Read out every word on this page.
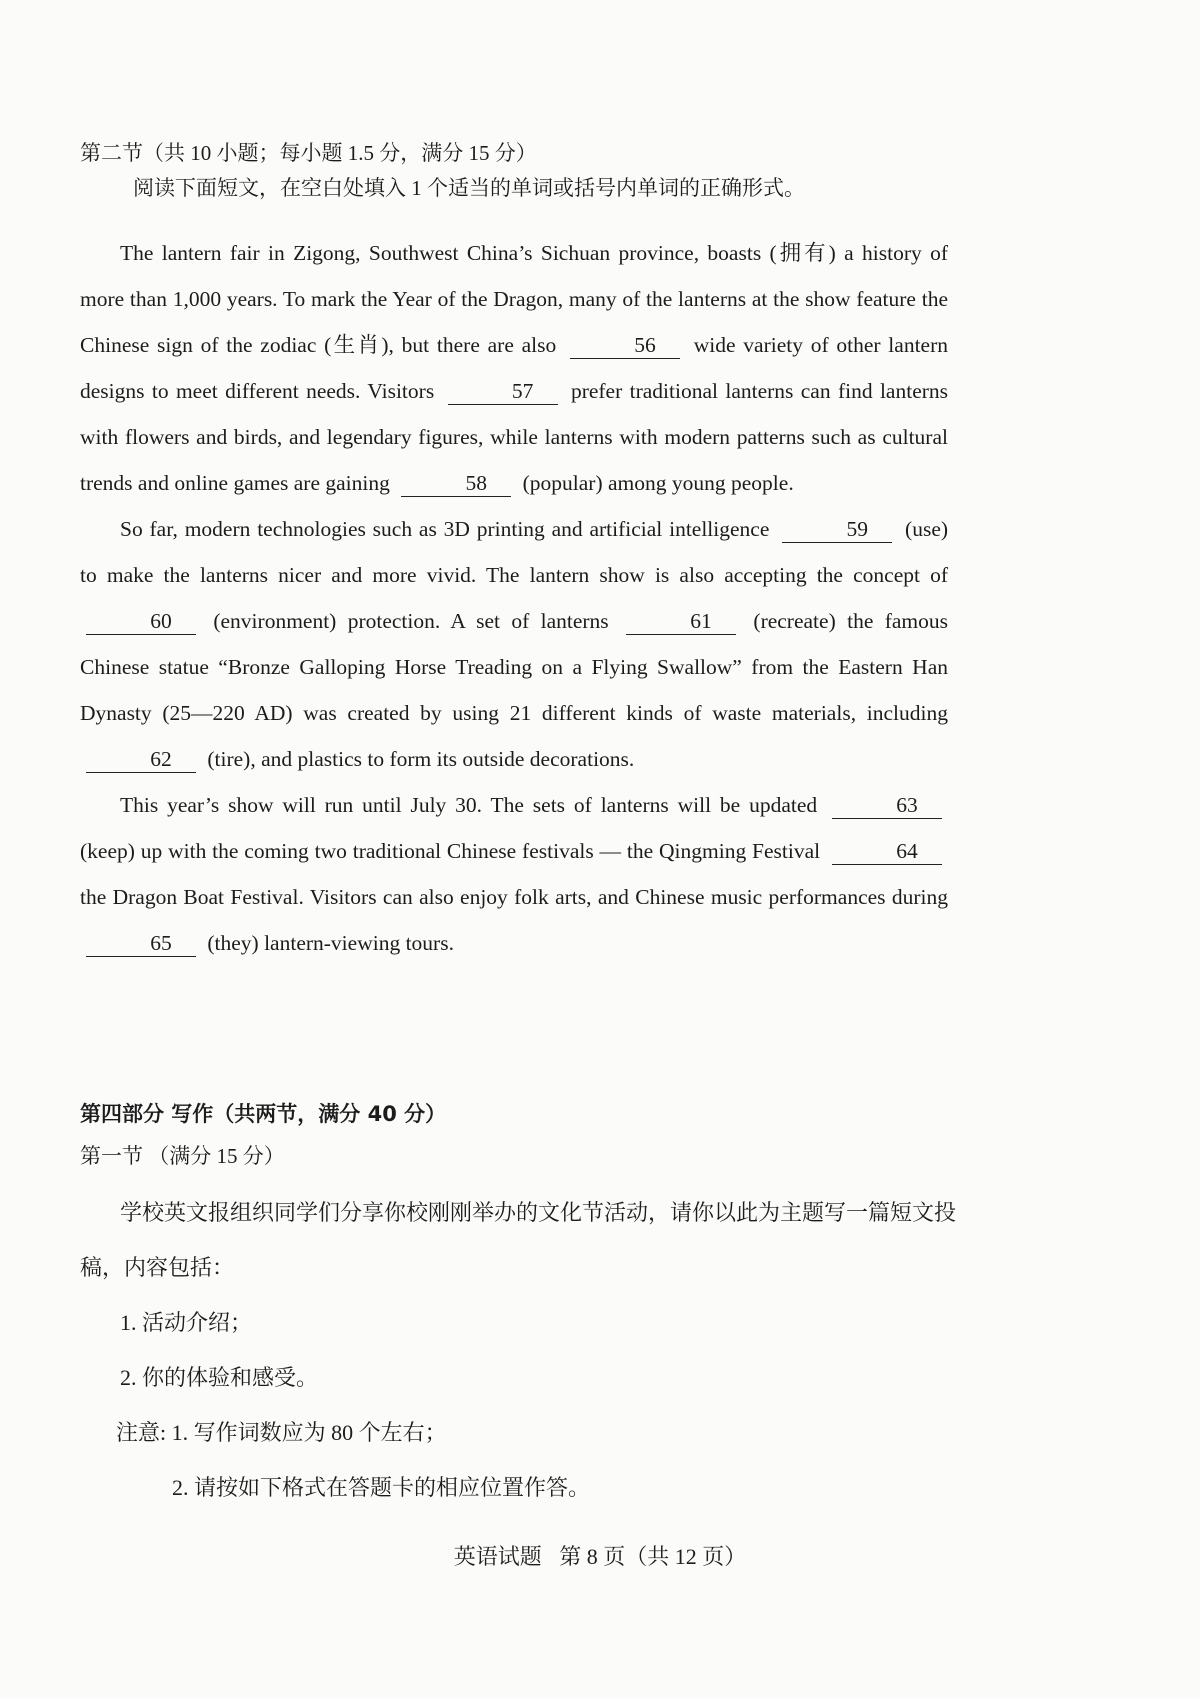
第二节（共 10 小题；每小题 1.5 分，满分 15 分）
阅读下面短文，在空白处填入 1 个适当的单词或括号内单词的正确形式。

The lantern fair in Zigong, Southwest China’s Sichuan province, boasts (拥有) a history of more than 1,000 years. To mark the Year of the Dragon, many of the lanterns at the show feature the Chinese sign of the zodiac (生肖), but there are also	56 wide variety of other lantern designs to meet different needs. Visitors	57 prefer traditional lanterns can find lanterns with flowers and birds, and legendary figures, while lanterns with modern patterns such as cultural trends and online games are gaining	58 (popular) among young people.

So far, modern technologies such as 3D printing and artificial intelligence	59 (use) to make the lanterns nicer and more vivid. The lantern show is also accepting the concept of 60 (environment) protection. A set of lanterns	61 (recreate) the famous Chinese statue “Bronze Galloping Horse Treading on a Flying Swallow” from the Eastern Han Dynasty (25—220 AD) was created by using 21 different kinds of waste materials, including 62 (tire), and plastics to form its outside decorations.

This year’s show will run until July 30. The sets of lanterns will be updated	63 (keep) up with the coming two traditional Chinese festivals — the Qingming Festival	64 the Dragon Boat Festival. Visitors can also enjoy folk arts, and Chinese music performances during 65 (they) lantern-viewing tours.

第四部分 写作（共两节，满分 40 分）
第一节 （满分 15 分）

学校英文报组织同学们分享你校刚刚举办的文化节活动，请你以此为主题写一篇短文投稿，内容包括：

1. 活动介绍；

2. 你的体验和感受。

注意: 1. 写作词数应为 80 个左右；

2. 请按如下格式在答题卡的相应位置作答。

英语试题 第 8 页（共 12 页）
